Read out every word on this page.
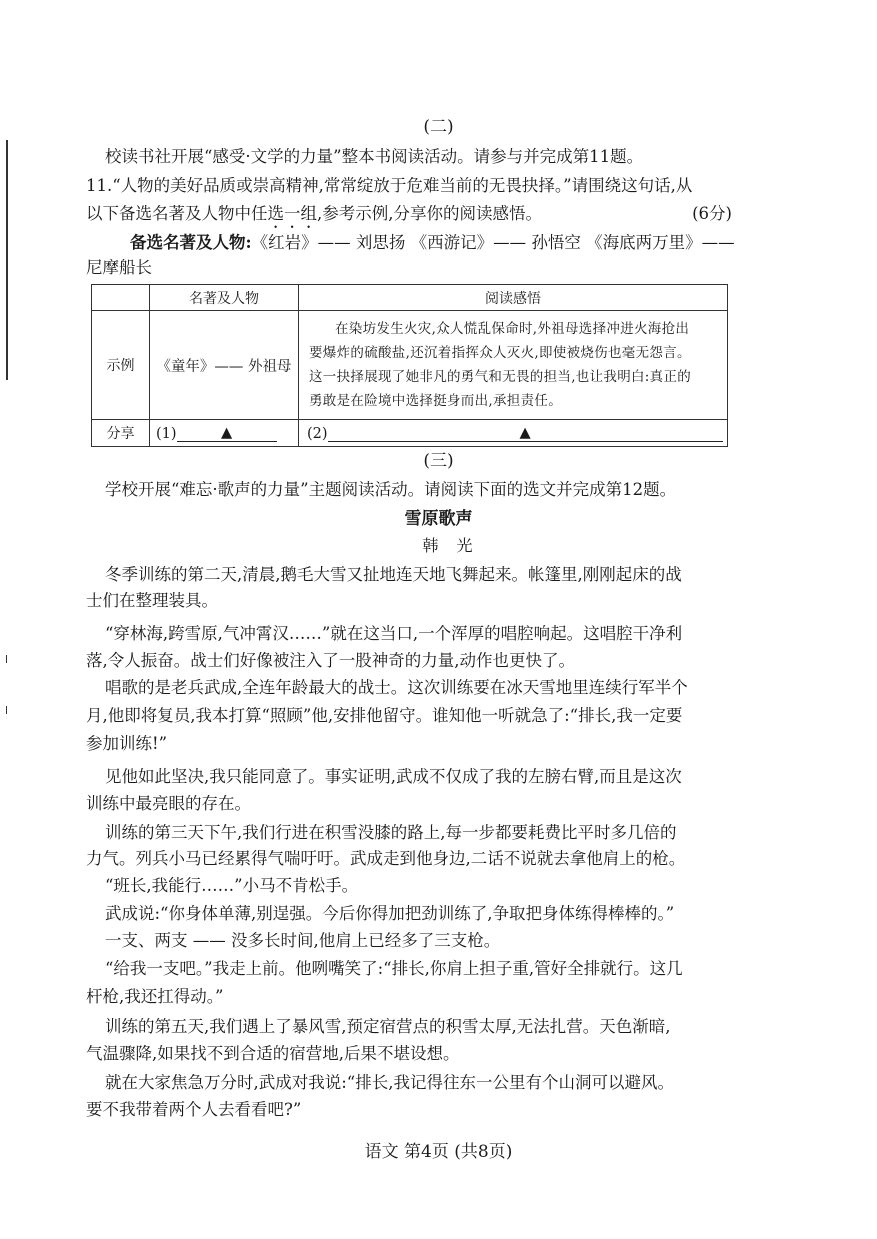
(二)
校读书社开展“感受·文学的力量”整本书阅读活动。请参与并完成第11题。
11.“人物的美好品质或崇高精神,常常绽放于危难当前的无畏抉择。”请围绕这句话,从
以下备选名著及人物中任选一组,参考示例,分享你的阅读感悟。	(6分)
备选名著及人物:《红岩》—— 刘思扬 《西游记》—— 孙悟空 《海底两万里》——
尼摩船长
	名著及人物	阅读感悟
示例	《童年》—— 外祖母	在染坊发生火灾,众人慌乱保命时,外祖母选择冲进火海抢出
要爆炸的硫酸盐,还沉着指挥众人灭火,即使被烧伤也毫无怨言。
这一抉择展现了她非凡的勇气和无畏的担当,也让我明白:真正的
勇敢是在险境中选择挺身而出,承担责任。

分享	(1) ▲	(2) ▲
(三)
学校开展“难忘·歌声的力量”主题阅读活动。请阅读下面的选文并完成第12题。
雪原歌声
韩光
冬季训练的第二天,清晨,鹅毛大雪又扯地连天地飞舞起来。帐篷里,刚刚起床的战
士们在整理装具。
“穿林海,跨雪原,气冲霄汉……”就在这当口,一个浑厚的唱腔响起。这唱腔干净利
落,令人振奋。战士们好像被注入了一股神奇的力量,动作也更快了。
唱歌的是老兵武成,全连年龄最大的战士。这次训练要在冰天雪地里连续行军半个
月,他即将复员,我本打算“照顾”他,安排他留守。谁知他一听就急了:“排长,我一定要
参加训练!”
见他如此坚决,我只能同意了。事实证明,武成不仅成了我的左膀右臂,而且是这次
训练中最亮眼的存在。
训练的第三天下午,我们行进在积雪没膝的路上,每一步都要耗费比平时多几倍的
力气。列兵小马已经累得气喘吁吁。武成走到他身边,二话不说就去拿他肩上的枪。
“班长,我能行……”小马不肯松手。
武成说:“你身体单薄,别逞强。今后你得加把劲训练了,争取把身体练得棒棒的。”
一支、两支 —— 没多长时间,他肩上已经多了三支枪。
“给我一支吧。”我走上前。他咧嘴笑了:“排长,你肩上担子重,管好全排就行。这几
杆枪,我还扛得动。”
训练的第五天,我们遇上了暴风雪,预定宿营点的积雪太厚,无法扎营。天色渐暗,
气温骤降,如果找不到合适的宿营地,后果不堪设想。
就在大家焦急万分时,武成对我说:“排长,我记得往东一公里有个山洞可以避风。
要不我带着两个人去看看吧?”
语文 第4页 (共8页)
